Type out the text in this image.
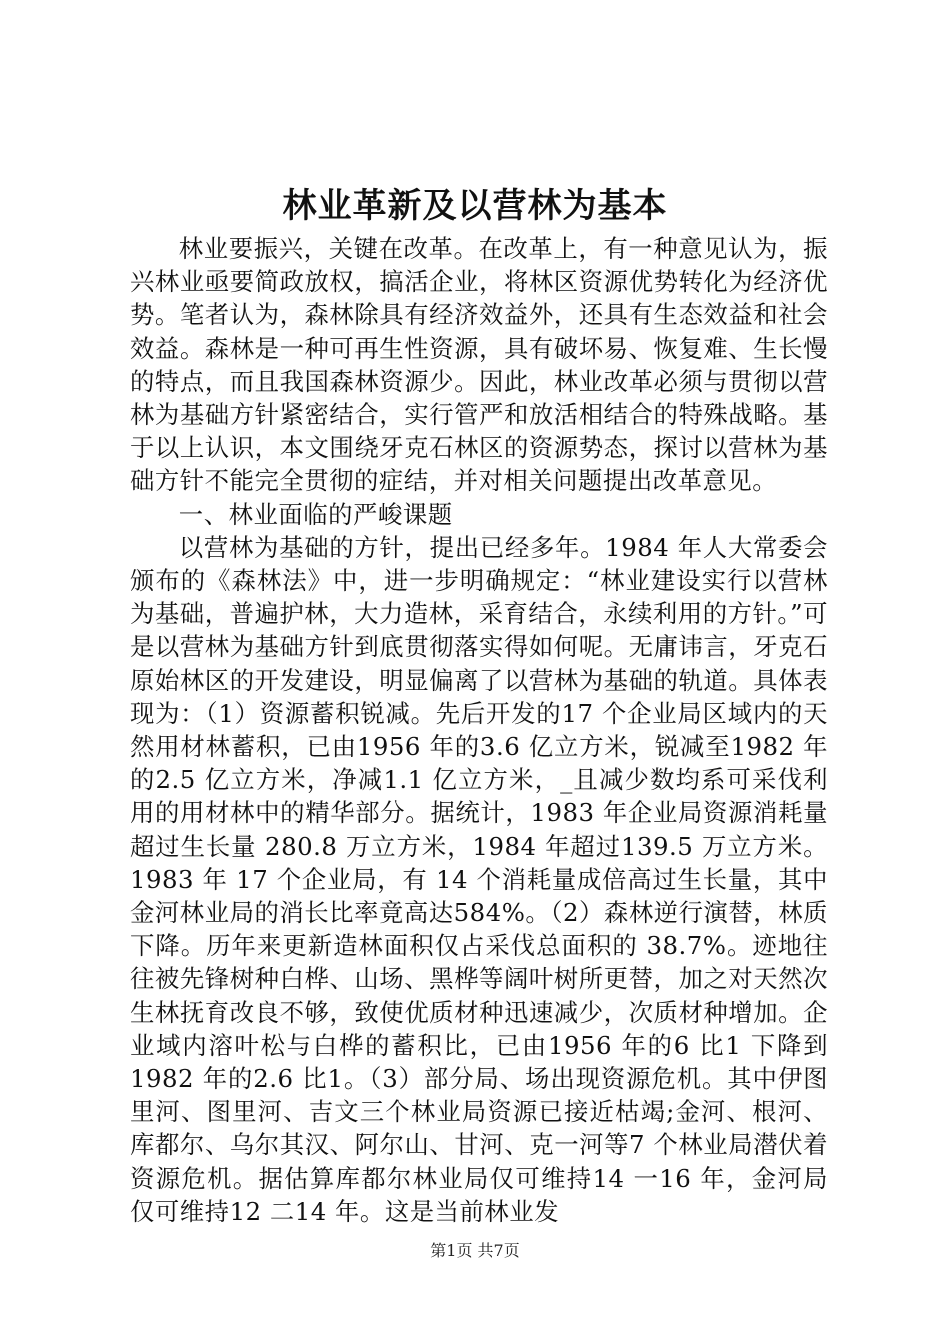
林业革新及以营林为基本

林业要振兴，关键在改革。在改革上，有一种意见认为，振兴林业亟要简政放权，搞活企业，将林区资源优势转化为经济优势。笔者认为，森林除具有经济效益外，还具有生态效益和社会效益。森林是一种可再生性资源，具有破坏易、恢复难、生长慢的特点，而且我国森林资源少。因此，林业改革必须与贯彻以营林为基础方针紧密结合，实行管严和放活相结合的特殊战略。基于以上认识，本文围绕牙克石林区的资源势态，探讨以营林为基础方针不能完全贯彻的症结，并对相关问题提出改革意见。

一、林业面临的严峻课题

以营林为基础的方针，提出已经多年。1984 年人大常委会颁布的《森林法》中，进一步明确规定：“林业建设实行以营林为基础，普遍护林，大力造林，采育结合，永续利用的方针。”可是以营林为基础方针到底贯彻落实得如何呢。无庸讳言，牙克石原始林区的开发建设，明显偏离了以营林为基础的轨道。具体表现为：（1）资源蓄积锐减。先后开发的17 个企业局区域内的天然用材林蓄积，已由1956 年的3.6 亿立方米，锐减至1982 年的2.5 亿立方米，净减1.1 亿立方米，_且减少数均系可采伐利用的用材林中的精华部分。据统计，1983 年企业局资源消耗量超过生长量 280.8 万立方米，1984 年超过139.5 万立方米。1983 年 17 个企业局，有 14 个消耗量成倍高过生长量，其中金河林业局的消长比率竟高达584%。（2）森林逆行演替，林质下降。历年来更新造林面积仅占采伐总面积的 38.7%。迹地往往被先锋树种白桦、山场、黑桦等阔叶树所更替，加之对天然次生林抚育改良不够，致使优质材种迅速减少，次质材种增加。企业域内溶叶松与白桦的蓄积比，已由1956 年的6 比1 下降到1982 年的2.6 比1。（3）部分局、场出现资源危机。其中伊图里河、图里河、吉文三个林业局资源已接近枯竭;金河、根河、库都尔、乌尔其汉、阿尔山、甘河、克一河等7 个林业局潜伏着资源危机。据估算库都尔林业局仅可维持14 一16 年，金河局仅可维持12 二14 年。这是当前林业发

第1页 共7页
